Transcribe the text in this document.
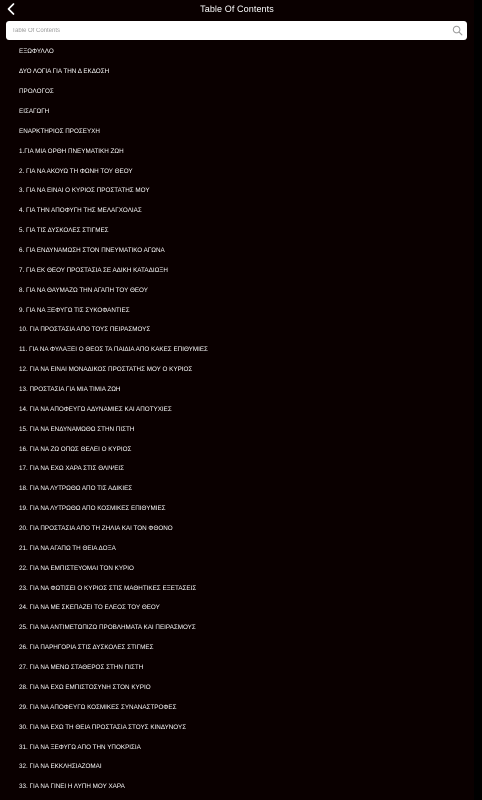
Table Of Contents
Table Of Contents
ΕΞΩΦΥΛΛΟ
ΔΥΟ ΛΟΓΙΑ ΓΙΑ ΤΗΝ Δ ΕΚΔΟΣΗ
ΠΡΟΛΟΓΟΣ
ΕΙΣΑΓΩΓΗ
ΕΝΑΡΚΤΗΡΙΟΣ ΠΡΟΣΕΥΧΗ
1.ΓΙΑ ΜΙΑ ΟΡΘΗ ΠΝΕΥΜΑΤΙΚΗ ΖΩΗ
2. ΓΙΑ ΝΑ ΑΚΟΥΩ ΤΗ ΦΩΝΗ ΤΟΥ ΘΕΟΥ
3. ΓΙΑ ΝΑ ΕΙΝΑΙ Ο ΚΥΡΙΟΣ ΠΡΟΣΤΑΤΗΣ ΜΟΥ
4. ΓΙΑ ΤΗΝ ΑΠΟΦΥΓΗ ΤΗΣ ΜΕΛΑΓΧΟΛΙΑΣ
5. ΓΙΑ ΤΙΣ ΔΥΣΚΟΛΕΣ ΣΤΙΓΜΕΣ
6. ΓΙΑ ΕΝΔΥΝΑΜΩΣΗ ΣΤΟΝ ΠΝΕΥΜΑΤΙΚΟ ΑΓΩΝΑ
7. ΓΙΑ ΕΚ ΘΕΟΥ ΠΡΟΣΤΑΣΙΑ ΣΕ ΑΔΙΚΗ ΚΑΤΑΔΙΩΞΗ
8. ΓΙΑ ΝΑ ΘΑΥΜΑΖΩ ΤΗΝ ΑΓΑΠΗ ΤΟΥ ΘΕΟΥ
9. ΓΙΑ ΝΑ ΞΕΦΥΓΩ ΤΙΣ ΣΥΚΟΦΑΝΤΙΕΣ
10. ΓΙΑ ΠΡΟΣΤΑΣΙΑ ΑΠΟ ΤΟΥΣ ΠΕΙΡΑΣΜΟΥΣ
11. ΓΙΑ ΝΑ ΦΥΛΑΞΕΙ Ο ΘΕΟΣ ΤΑ ΠΑΙΔΙΑ ΑΠΟ ΚΑΚΕΣ ΕΠΙΘΥΜΙΕΣ
12. ΓΙΑ ΝΑ ΕΙΝΑΙ ΜΟΝΑΔΙΚΟΣ ΠΡΟΣΤΑΤΗΣ ΜΟΥ Ο ΚΥΡΙΟΣ
13. ΠΡΟΣΤΑΣΙΑ ΓΙΑ ΜΙΑ ΤΙΜΙΑ ΖΩΗ
14. ΓΙΑ ΝΑ ΑΠΟΦΕΥΓΩ ΑΔΥΝΑΜΙΕΣ ΚΑΙ ΑΠΟΤΥΧΙΕΣ
15. ΓΙΑ ΝΑ ΕΝΔΥΝΑΜΩΘΩ ΣΤΗΝ ΠΙΣΤΗ
16. ΓΙΑ ΝΑ ΖΩ ΟΠΩΣ ΘΕΛΕΙ Ο ΚΥΡΙΟΣ
17. ΓΙΑ ΝΑ ΕΧΩ ΧΑΡΑ ΣΤΙΣ ΘΛΙΨΕΙΣ
18. ΓΙΑ ΝΑ ΛΥΤΡΩΘΩ ΑΠΟ ΤΙΣ ΑΔΙΚΙΕΣ
19. ΓΙΑ ΝΑ ΛΥΤΡΩΘΩ ΑΠΟ ΚΟΣΜΙΚΕΣ ΕΠΙΘΥΜΙΕΣ
20. ΓΙΑ ΠΡΟΣΤΑΣΙΑ ΑΠΟ ΤΗ ΖΗΛΙΑ ΚΑΙ ΤΟΝ ΦΘΟΝΟ
21. ΓΙΑ ΝΑ ΑΓΑΠΩ ΤΗ ΘΕΙΑ ΔΟΞΑ
22. ΓΙΑ ΝΑ ΕΜΠΙΣΤΕΥΟΜΑΙ ΤΟΝ ΚΥΡΙΟ
23. ΓΙΑ ΝΑ ΦΩΤΙΣΕΙ Ο ΚΥΡΙΟΣ ΣΤΙΣ ΜΑΘΗΤΙΚΕΣ ΕΞΕΤΑΣΕΙΣ
24. ΓΙΑ ΝΑ ΜΕ ΣΚΕΠΑΖΕΙ ΤΟ ΕΛΕΟΣ ΤΟΥ ΘΕΟΥ
25. ΓΙΑ ΝΑ ΑΝΤΙΜΕΤΩΠΙΖΩ ΠΡΟΒΛΗΜΑΤΑ ΚΑΙ ΠΕΙΡΑΣΜΟΥΣ
26. ΓΙΑ ΠΑΡΗΓΟΡΙΑ ΣΤΙΣ ΔΥΣΚΟΛΕΣ ΣΤΙΓΜΕΣ
27. ΓΙΑ ΝΑ ΜΕΝΩ ΣΤΑΘΕΡΟΣ ΣΤΗΝ ΠΙΣΤΗ
28. ΓΙΑ ΝΑ ΕΧΩ ΕΜΠΙΣΤΟΣΥΝΗ ΣΤΟΝ ΚΥΡΙΟ
29. ΓΙΑ ΝΑ ΑΠΟΦΕΥΓΩ ΚΟΣΜΙΚΕΣ ΣΥΝΑΝΑΣΤΡΟΦΕΣ
30. ΓΙΑ ΝΑ ΕΧΩ ΤΗ ΘΕΙΑ ΠΡΟΣΤΑΣΙΑ ΣΤΟΥΣ ΚΙΝΔΥΝΟΥΣ
31. ΓΙΑ ΝΑ ΞΕΦΥΓΩ ΑΠΟ ΤΗΝ ΥΠΟΚΡΙΣΙΑ
32. ΓΙΑ ΝΑ ΕΚΚΛΗΣΙΑΖΟΜΑΙ
33. ΓΙΑ ΝΑ ΓΙΝΕΙ Η ΛΥΠΗ ΜΟΥ ΧΑΡΑ
